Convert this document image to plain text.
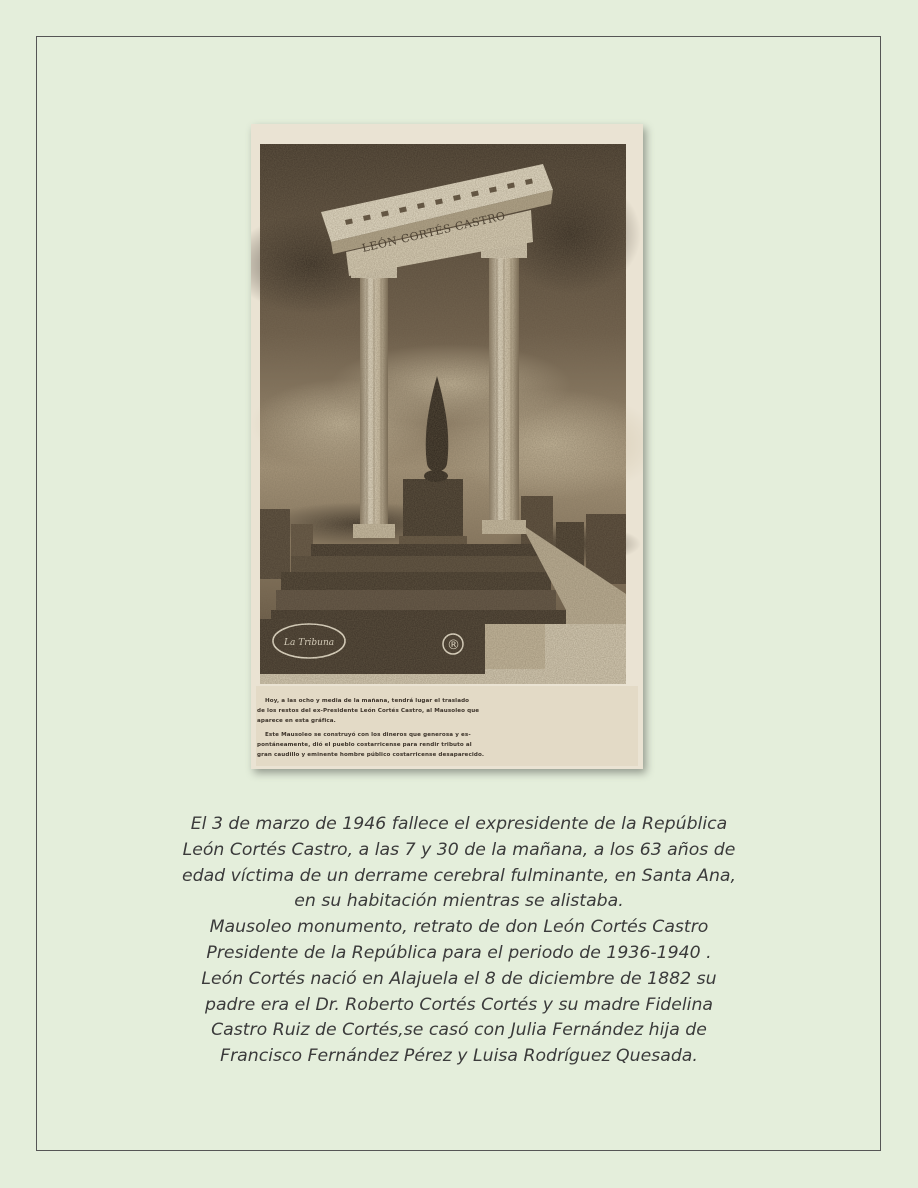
Hoy, a las ocho y media de la mañana, tendrá lugar el traslado
de los restos del ex-Presidente León Cortés Castro, al Mausoleo que
aparece en esta gráfica.
Este Mausoleo se construyó con los dineros que generosa y es-
pontáneamente, dió el pueblo costarricense para rendir tributo al
gran caudillo y eminente hombre público costarricense desaparecido.
El 3 de marzo de 1946 fallece el expresidente de la República
León Cortés Castro, a las 7 y 30 de la mañana, a los 63 años de
edad víctima de un derrame cerebral fulminante, en Santa Ana,
en su habitación mientras se alistaba.
Mausoleo monumento, retrato de don León Cortés Castro
Presidente de la República para el periodo de 1936-1940 .
León Cortés nació en Alajuela el 8 de diciembre de 1882 su
padre era el Dr. Roberto Cortés Cortés y su madre Fidelina
Castro Ruiz de Cortés,se casó con Julia Fernández hija de
Francisco Fernández Pérez y Luisa Rodríguez Quesada.
